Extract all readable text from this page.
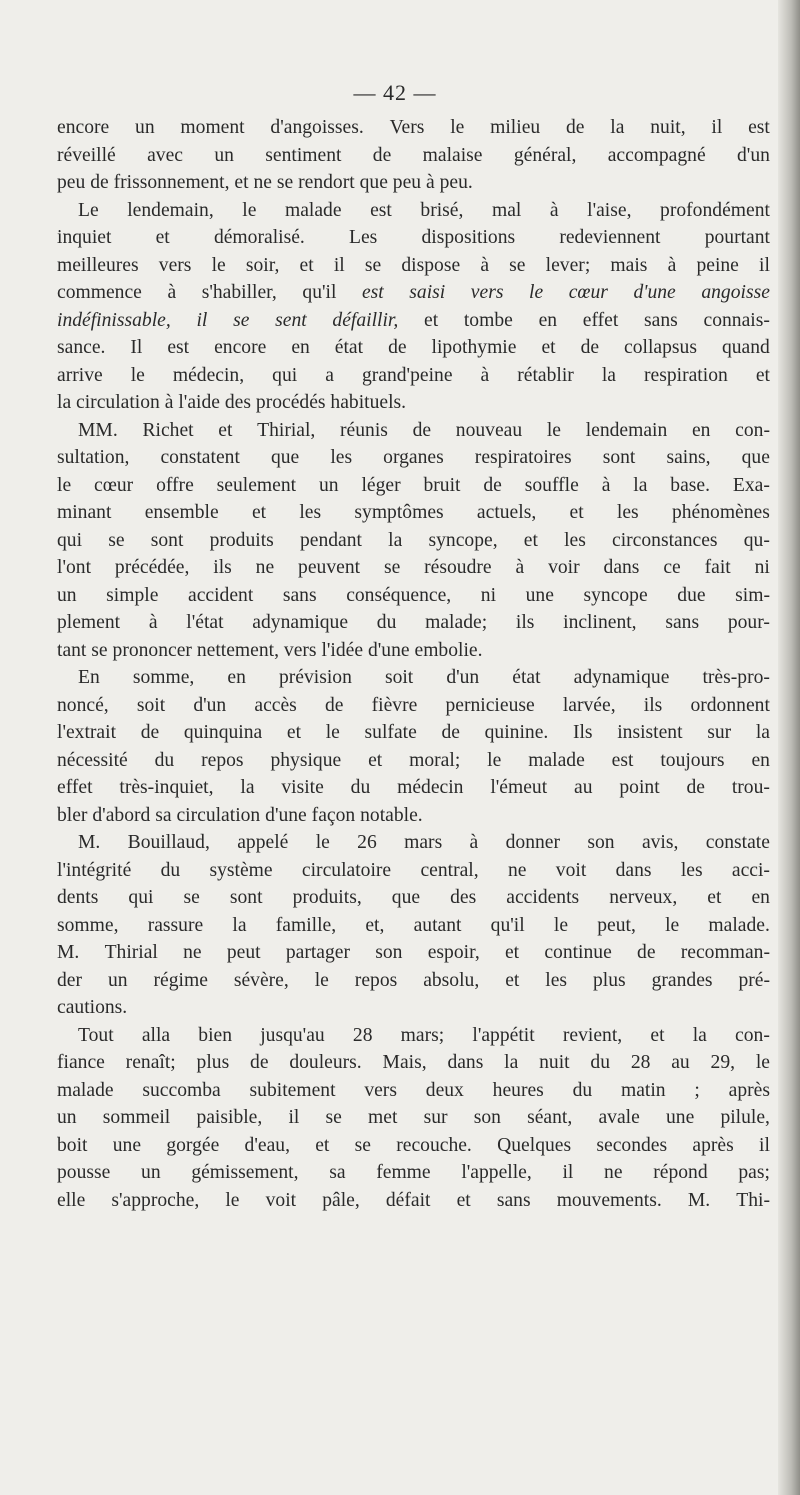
— 42 —
encore un moment d'angoisses. Vers le milieu de la nuit, il est
réveillé avec un sentiment de malaise général, accompagné d'un
peu de frissonnement, et ne se rendort que peu à peu.
Le lendemain, le malade est brisé, mal à l'aise, profondément
inquiet et démoralisé. Les dispositions redeviennent pourtant
meilleures vers le soir, et il se dispose à se lever; mais à peine il
commence à s'habiller, qu'il est saisi vers le cœur d'une angoisse
indéfinissable, il se sent défaillir, et tombe en effet sans connais-
sance. Il est encore en état de lipothymie et de collapsus quand
arrive le médecin, qui a grand'peine à rétablir la respiration et
la circulation à l'aide des procédés habituels.
MM. Richet et Thirial, réunis de nouveau le lendemain en con-
sultation, constatent que les organes respiratoires sont sains, que
le cœur offre seulement un léger bruit de souffle à la base. Exa-
minant ensemble et les symptômes actuels, et les phénomènes
qui se sont produits pendant la syncope, et les circonstances qu-
l'ont précédée, ils ne peuvent se résoudre à voir dans ce fait ni
un simple accident sans conséquence, ni une syncope due sim-
plement à l'état adynamique du malade; ils inclinent, sans pour-
tant se prononcer nettement, vers l'idée d'une embolie.
En somme, en prévision soit d'un état adynamique très-pro-
noncé, soit d'un accès de fièvre pernicieuse larvée, ils ordonnent
l'extrait de quinquina et le sulfate de quinine. Ils insistent sur la
nécessité du repos physique et moral; le malade est toujours en
effet très-inquiet, la visite du médecin l'émeut au point de trou-
bler d'abord sa circulation d'une façon notable.
M. Bouillaud, appelé le 26 mars à donner son avis, constate
l'intégrité du système circulatoire central, ne voit dans les acci-
dents qui se sont produits, que des accidents nerveux, et en
somme, rassure la famille, et, autant qu'il le peut, le malade.
M. Thirial ne peut partager son espoir, et continue de recomman-
der un régime sévère, le repos absolu, et les plus grandes pré-
cautions.
Tout alla bien jusqu'au 28 mars; l'appétit revient, et la con-
fiance renaît; plus de douleurs. Mais, dans la nuit du 28 au 29, le
malade succomba subitement vers deux heures du matin ; après
un sommeil paisible, il se met sur son séant, avale une pilule,
boit une gorgée d'eau, et se recouche. Quelques secondes après il
pousse un gémissement, sa femme l'appelle, il ne répond pas;
elle s'approche, le voit pâle, défait et sans mouvements. M. Thi-
